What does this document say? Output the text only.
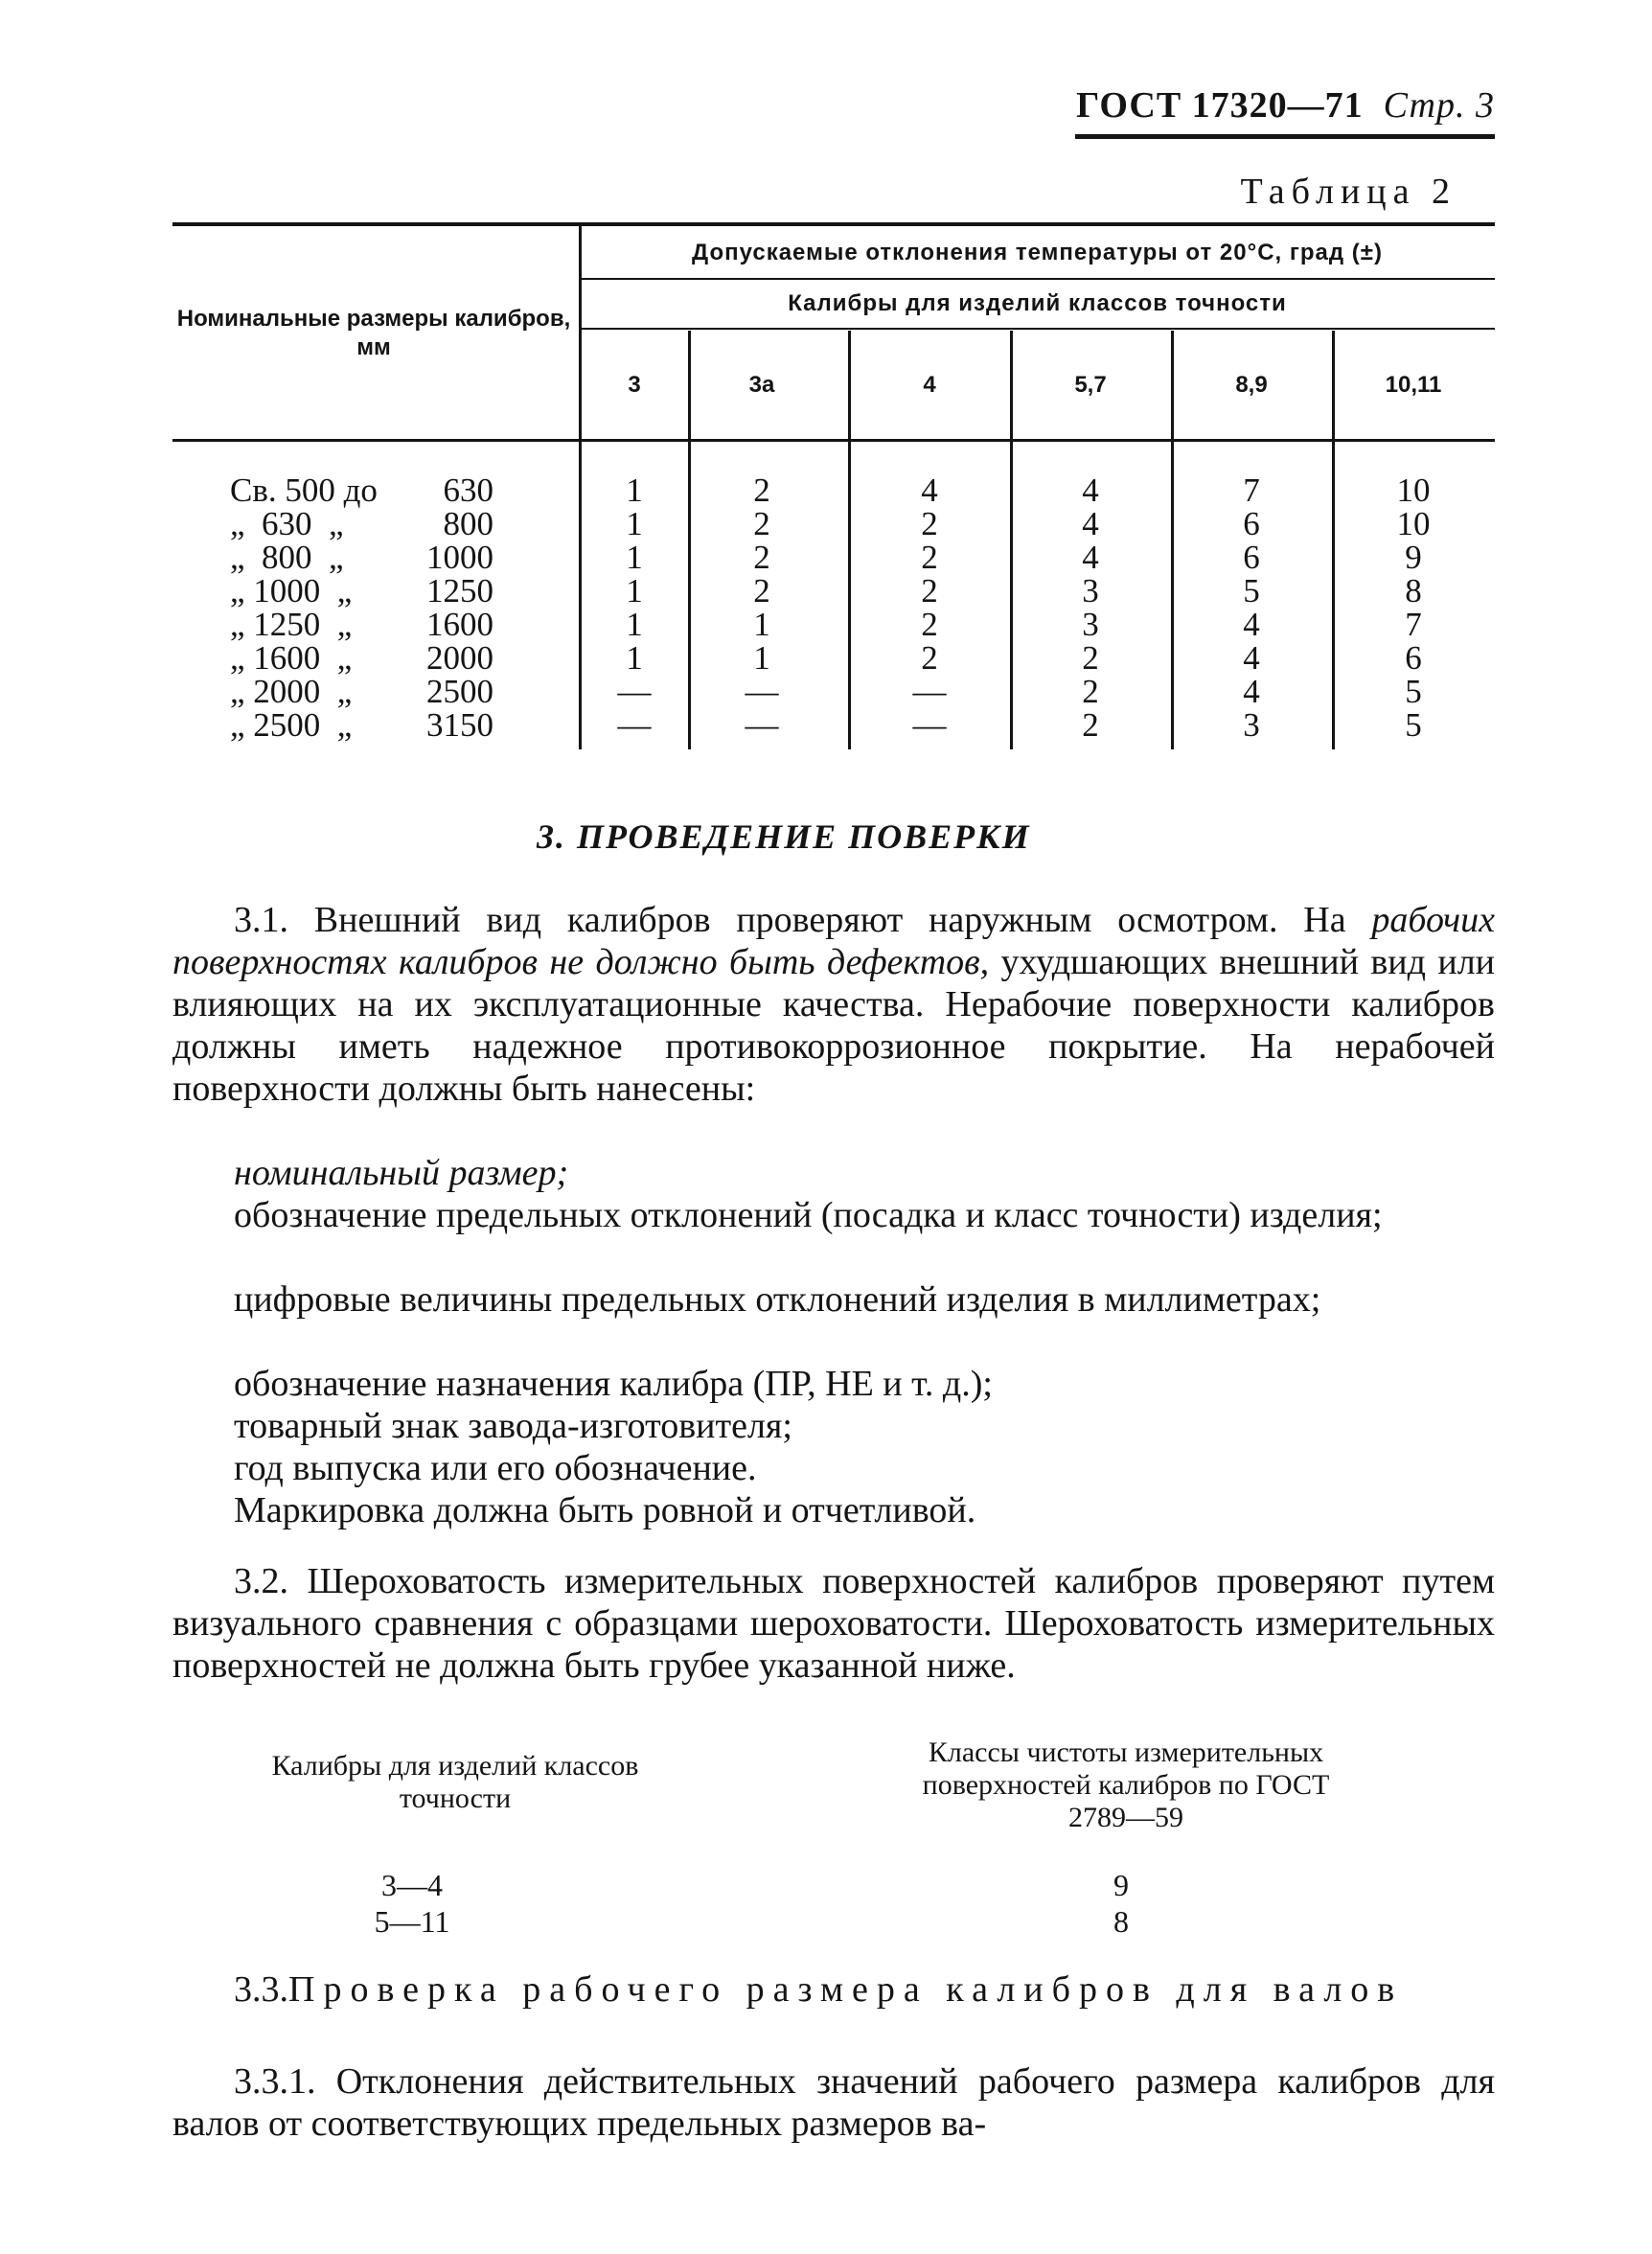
ГОСТ 17320—71 Стр. 3
Таблица 2
Номинальные размеры калибров, мм
Допускаемые отклонения температуры от 20°С, град (±)
Калибры для изделий классов точности
3	3а	4	5,7	8,9	10,11
Св. 500 до	630	1	2	4	4	7	10
„  630  „	800	1	2	2	4	6	10
„  800  „	1000	1	2	2	4	6	9
„ 1000  „	1250	1	2	2	3	5	8
„ 1250  „	1600	1	1	2	3	4	7
„ 1600  „	2000	1	1	2	2	4	6
„ 2000  „	2500	—	—	—	2	4	5
„ 2500  „	3150	—	—	—	2	3	5
3. ПРОВЕДЕНИЕ ПОВЕРКИ

3.1. Внешний вид калибров проверяют наружным осмотром. На рабочих поверхностях калибров не должно быть дефектов, ухудшающих внешний вид или влияющих на их эксплуатационные качества. Нерабочие поверхности калибров должны иметь надежное противокоррозионное покрытие. На нерабочей поверхности должны быть нанесены:

номинальный размер;

обозначение предельных отклонений (посадка и класс точности) изделия;

цифровые величины предельных отклонений изделия в миллиметрах;

обозначение назначения калибра (ПР, НЕ и т. д.);

товарный знак завода-изготовителя;

год выпуска или его обозначение.

Маркировка должна быть ровной и отчетливой.

3.2. Шероховатость измерительных поверхностей калибров проверяют путем визуального сравнения с образцами шероховатости. Шероховатость измерительных поверхностей не должна быть грубее указанной ниже.

Калибры для изделий классов точности
Классы чистоты измерительных поверхностей калибров по ГОСТ 2789—59
3—4	9
5—11	8

3.3.Проверка рабочего размера калибров для валов

3.3.1. Отклонения действительных значений рабочего размера калибров для валов от соответствующих предельных размеров ва-
